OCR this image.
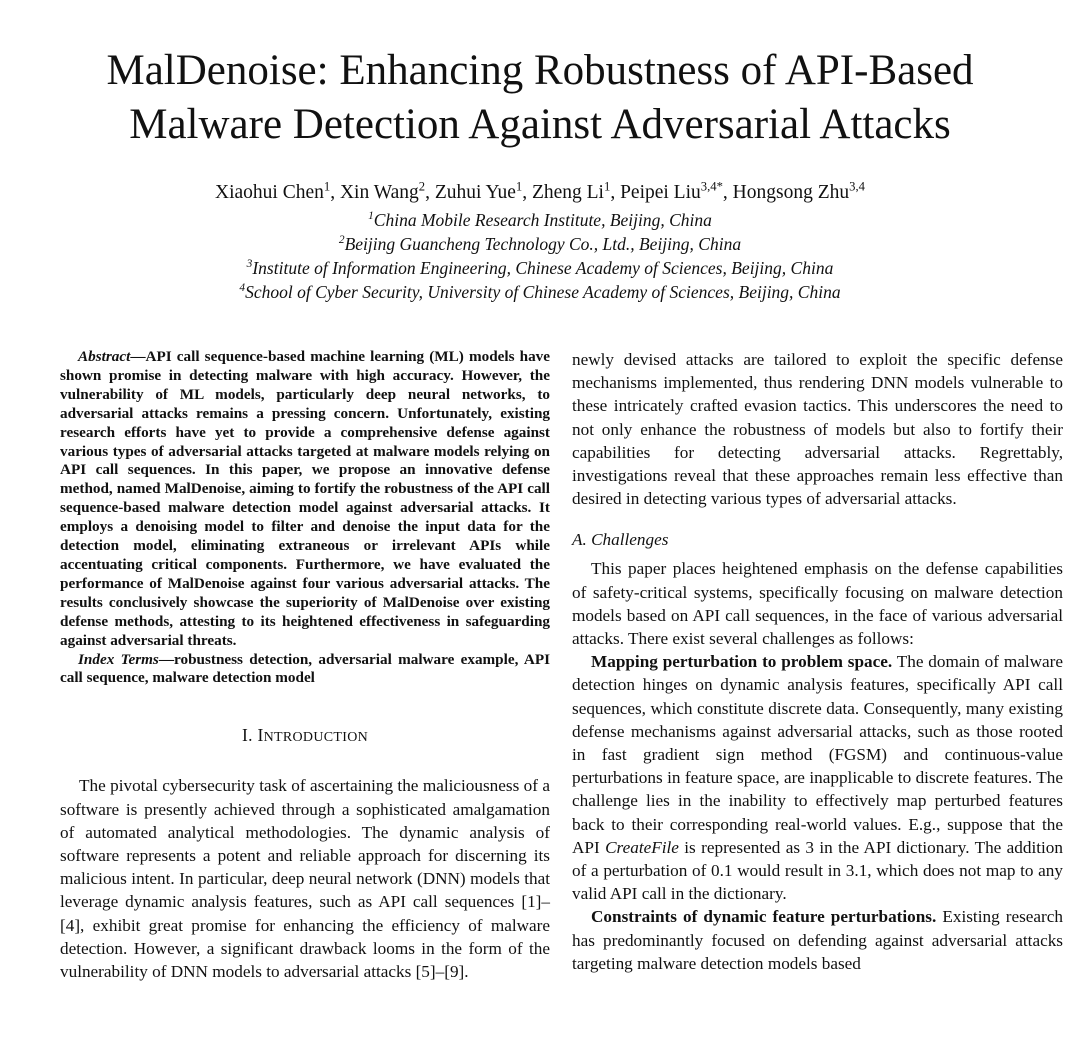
MalDenoise: Enhancing Robustness of API-Based
Malware Detection Against Adversarial Attacks
Xiaohui Chen$^1$, Xin Wang$^2$, Zuhui Yue$^1$, Zheng Li$^1$, Peipei Liu$^{3,4*}$, Hongsong Zhu$^{3,4}$
$^1$China Mobile Research Institute, Beijing, China
$^2$Beijing Guancheng Technology Co., Ltd., Beijing, China
$^3$Institute of Information Engineering, Chinese Academy of Sciences, Beijing, China
$^4$School of Cyber Security, University of Chinese Academy of Sciences, Beijing, China

Abstract—API call sequence-based machine learning (ML) models have shown promise in detecting malware with high accuracy. However, the vulnerability of ML models, particularly deep neural networks, to adversarial attacks remains a pressing concern. Unfortunately, existing research efforts have yet to provide a comprehensive defense against various types of adversarial attacks targeted at malware models relying on API call sequences. In this paper, we propose an innovative defense method, named MalDenoise, aiming to fortify the robustness of the API call sequence-based malware detection model against adversarial attacks. It employs a denoising model to filter and denoise the input data for the detection model, eliminating extraneous or irrelevant APIs while accentuating critical components. Furthermore, we have evaluated the performance of MalDenoise against four various adversarial attacks. The results conclusively showcase the superiority of MalDenoise over existing defense methods, attesting to its heightened effectiveness in safeguarding against adversarial threats.

Index Terms—robustness detection, adversarial malware example, API call sequence, malware detection model

I. INTRODUCTION

The pivotal cybersecurity task of ascertaining the maliciousness of a software is presently achieved through a sophisticated amalgamation of automated analytical methodologies. The dynamic analysis of software represents a potent and reliable approach for discerning its malicious intent. In particular, deep neural network (DNN) models that leverage dynamic analysis features, such as API call sequences [1]–[4], exhibit great promise for enhancing the efficiency of malware detection. However, a significant drawback looms in the form of the vulnerability of DNN models to adversarial attacks [5]–[9].

newly devised attacks are tailored to exploit the specific defense mechanisms implemented, thus rendering DNN models vulnerable to these intricately crafted evasion tactics. This underscores the need to not only enhance the robustness of models but also to fortify their capabilities for detecting adversarial attacks. Regrettably, investigations reveal that these approaches remain less effective than desired in detecting various types of adversarial attacks.

A. Challenges

This paper places heightened emphasis on the defense capabilities of safety-critical systems, specifically focusing on malware detection models based on API call sequences, in the face of various adversarial attacks. There exist several challenges as follows:

Mapping perturbation to problem space. The domain of malware detection hinges on dynamic analysis features, specifically API call sequences, which constitute discrete data. Consequently, many existing defense mechanisms against adversarial attacks, such as those rooted in fast gradient sign method (FGSM) and continuous-value perturbations in feature space, are inapplicable to discrete features. The challenge lies in the inability to effectively map perturbed features back to their corresponding real-world values. E.g., suppose that the API CreateFile is represented as 3 in the API dictionary. The addition of a perturbation of 0.1 would result in 3.1, which does not map to any valid API call in the dictionary.

Constraints of dynamic feature perturbations. Existing research has predominantly focused on defending against adversarial attacks targeting malware detection models based
